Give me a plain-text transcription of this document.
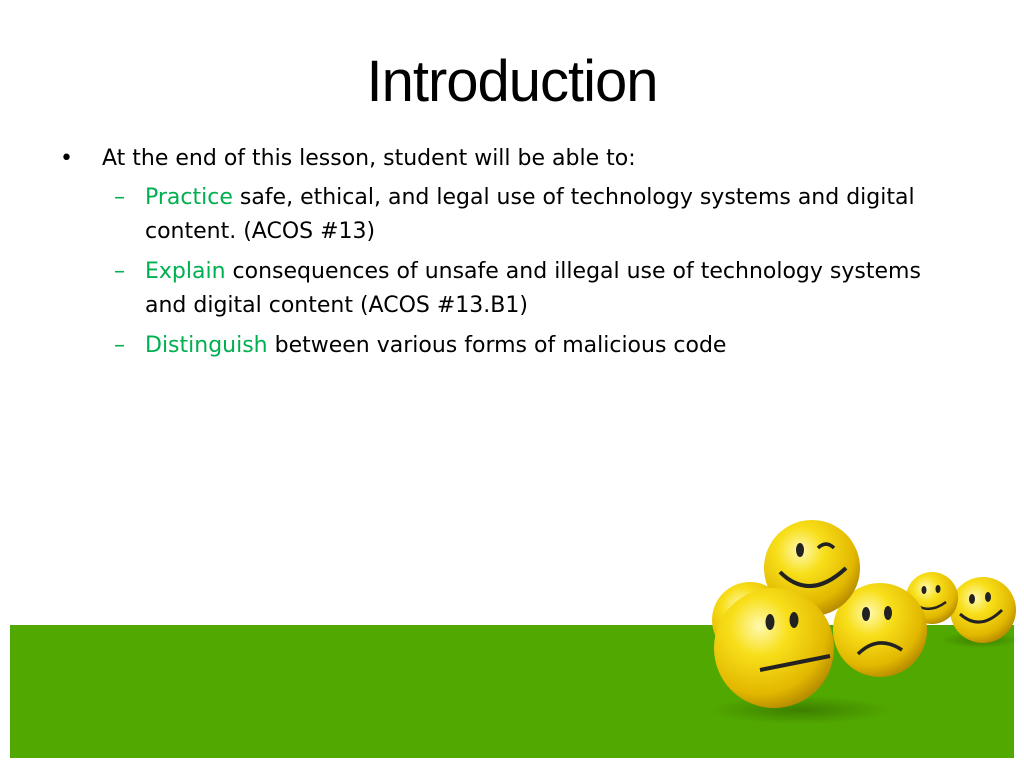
Introduction
•	At the end of this lesson, student will be able to:
– Practice safe, ethical, and legal use of technology systems and digital content. (ACOS #13)
– Explain consequences of unsafe and illegal use of technology systems and digital content (ACOS #13.B1)
– Distinguish between various forms of malicious code
